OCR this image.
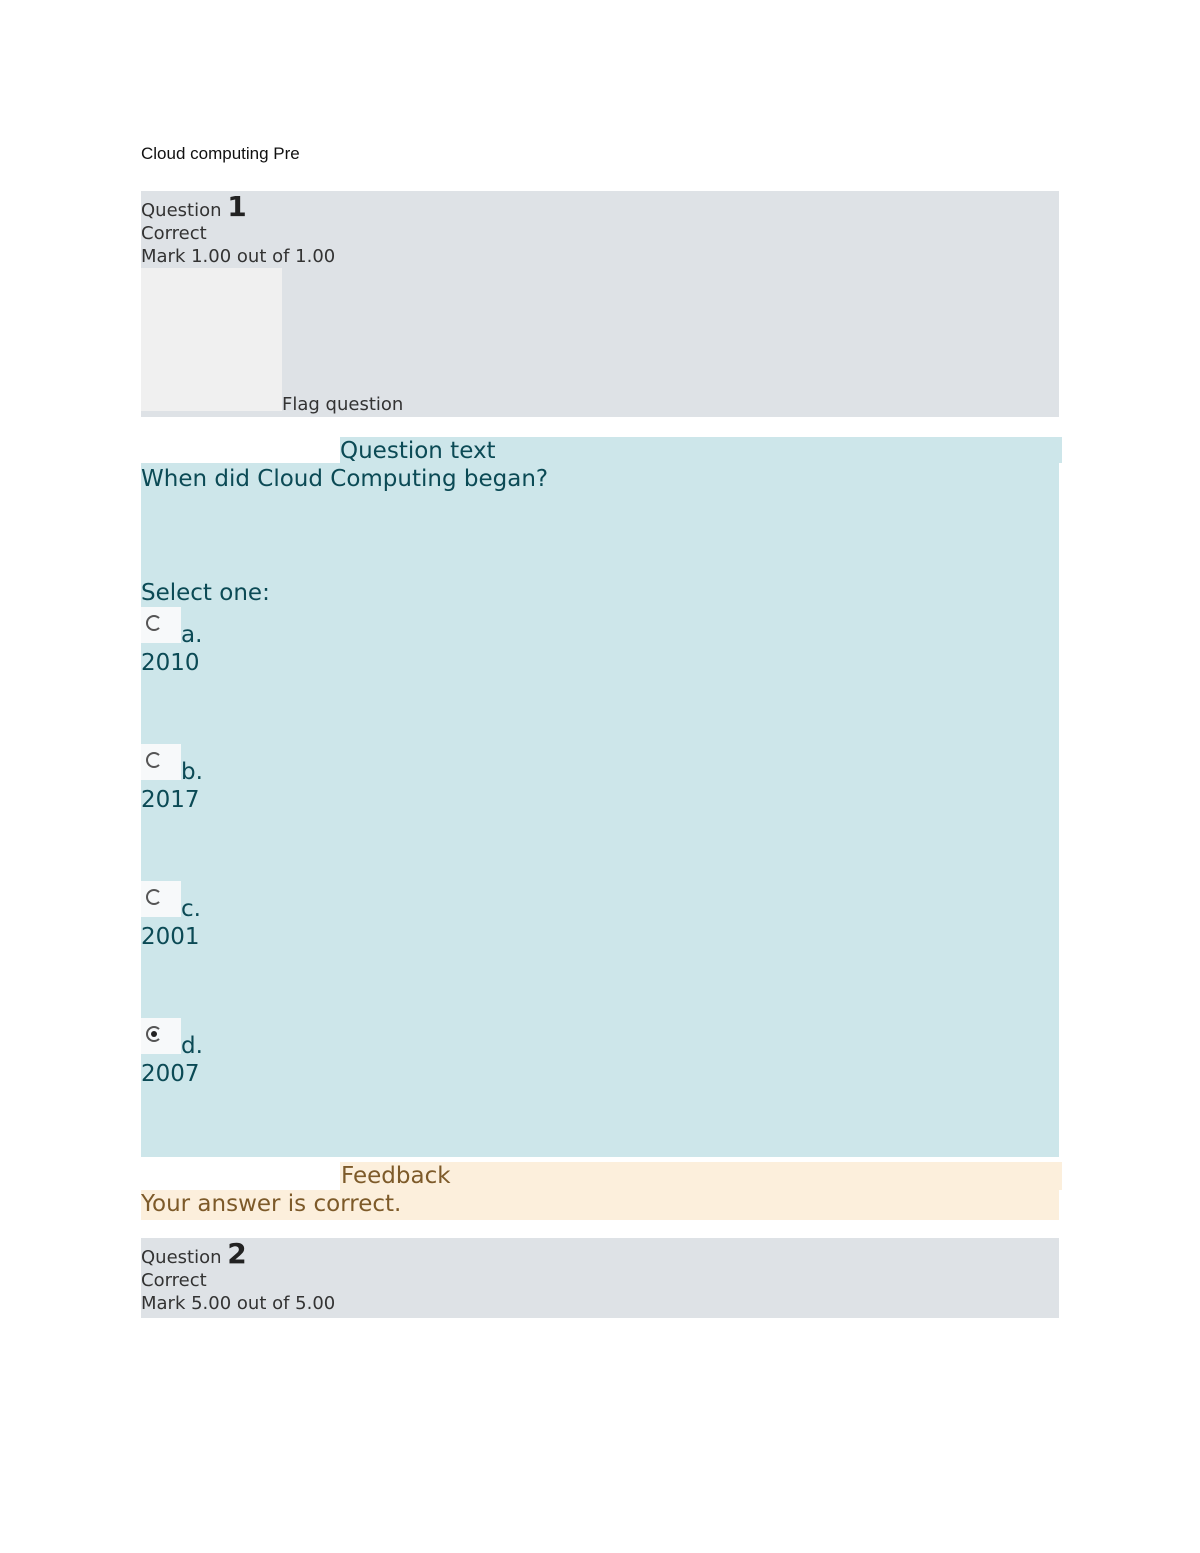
Cloud computing Pre
Question 1
Correct
Mark 1.00 out of 1.00
Flag question
Question text
When did Cloud Computing began?
Select one:
a.
2010
b.
2017
c.
2001
d.
2007
Feedback
Your answer is correct.
Question 2
Correct
Mark 5.00 out of 5.00
